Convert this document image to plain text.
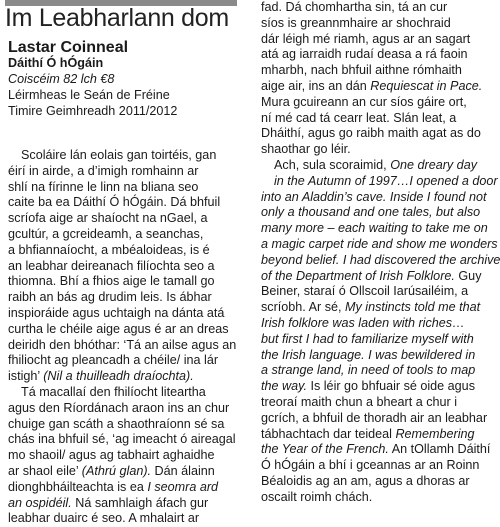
Im Leabharlann dom
Lastar Coinneal
Dáithí Ó hÓgáin
Coiscéim 82 lch €8
Léirmheas le Seán de Fréine
Timire Geimhreadh 2011/2012
Scoláire lán eolais gan toirtéis, gan
éirí in airde, a d’imigh romhainn ar
shlí na fírinne le linn na bliana seo
caite ba ea Dáithí Ó hÓgáin. Dá bhfuil
scríofa aige ar shaíocht na nGael, a
gcultúr, a gcreideamh, a seanchas,
a bhfiannaíocht, a mbéaloideas, is é
an leabhar deireanach filíochta seo a
thiomna. Bhí a fhios aige le tamall go
raibh an bás ag drudim leis. Is ábhar
inspioráide agus uchtaigh na dánta atá
curtha le chéile aige agus é ar an dreas
deiridh den bhóthar: ‘Tá an ailse agus an
fhiliocht ag pleancadh a chéile/ ina lár
istigh’ (Nil a thuilleadh draíochta).
Tá macallaí den fhilíocht liteartha
agus den Ríordánach araon ins an chur
chuige gan scáth a shaothraíonn sé sa
chás ina bhfuil sé, ‘ag imeacht ó aireagal
mo shaoil/ agus ag tabhairt aghaidhe
ar shaol eile’ (Athrú glan). Dán álainn
dionghbháilteachta is ea I seomra ard
an ospidéil. Ná samhlaigh áfach gur
leabhar duairc é seo. A mhalairt ar
fad. Dá chomhartha sin, tá an cur
síos is greannmhaire ar shochraid
dár léigh mé riamh, agus ar an sagart
atá ag iarraidh rudaí deasa a rá faoin
mharbh, nach bhfuil aithne rómhaith
aige air, ins an dán Requiescat in Pace.
Mura gcuireann an cur síos gáire ort,
ní mé cad tá cearr leat. Slán leat, a
Dháithí, agus go raibh maith agat as do
shaothar go léir.
Ach, sula scoraimid, One dreary day
in the Autumn of 1997…I opened a door
into an Aladdin’s cave. Inside I found not
only a thousand and one tales, but also
many more – each waiting to take me on
a magic carpet ride and show me wonders
beyond belief. I had discovered the archive
of the Department of Irish Folklore. Guy
Beiner, staraí ó Ollscoil Iarúsailéim, a
scríobh. Ar sé, My instincts told me that
Irish folklore was laden with riches…
but first I had to familiarize myself with
the Irish language. I was bewildered in
a strange land, in need of tools to map
the way. Is léir go bhfuair sé oide agus
treoraí maith chun a bheart a chur i
gcrích, a bhfuil de thoradh air an leabhar
tábhachtach dar teideal Remembering
the Year of the French. An tOllamh Dáithí
Ó hÓgáin a bhí i gceannas ar an Roinn
Béaloidis ag an am, agus a dhoras ar
oscailt roimh chách.
